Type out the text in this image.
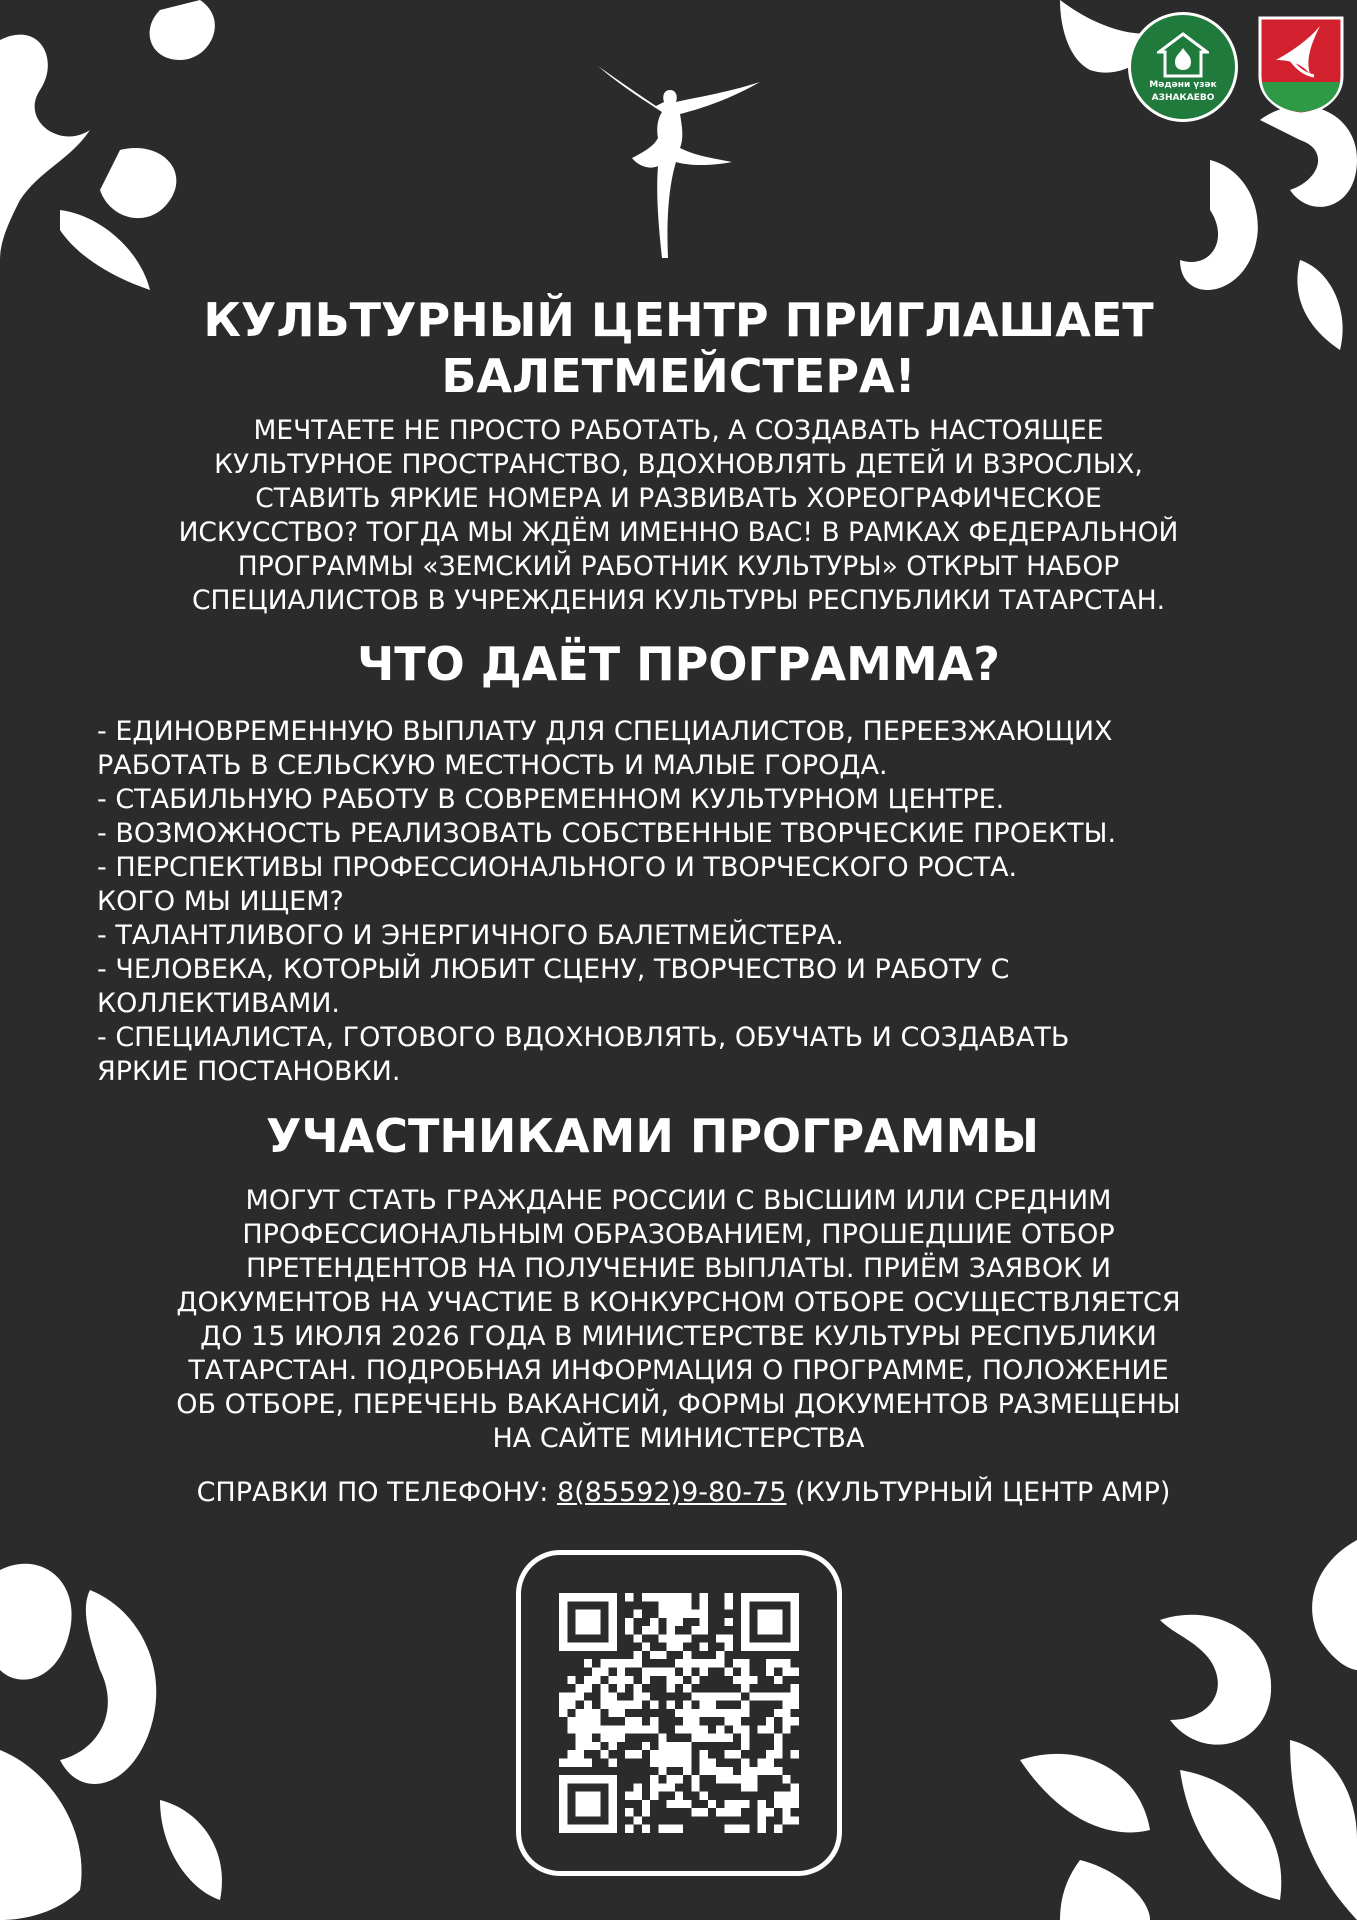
Мәдәни үзәк
АЗНАКАЕВО
КУЛЬТУРНЫЙ ЦЕНТР ПРИГЛАШАЕТ
БАЛЕТМЕЙСТЕРА!
МЕЧТАЕТЕ НЕ ПРОСТО РАБОТАТЬ, А СОЗДАВАТЬ НАСТОЯЩЕЕ
КУЛЬТУРНОЕ ПРОСТРАНСТВО, ВДОХНОВЛЯТЬ ДЕТЕЙ И ВЗРОСЛЫХ,
СТАВИТЬ ЯРКИЕ НОМЕРА И РАЗВИВАТЬ ХОРЕОГРАФИЧЕСКОЕ
ИСКУССТВО? ТОГДА МЫ ЖДЁМ ИМЕННО ВАС! В РАМКАХ ФЕДЕРАЛЬНОЙ
ПРОГРАММЫ «ЗЕМСКИЙ РАБОТНИК КУЛЬТУРЫ» ОТКРЫТ НАБОР
СПЕЦИАЛИСТОВ В УЧРЕЖДЕНИЯ КУЛЬТУРЫ РЕСПУБЛИКИ ТАТАРСТАН.
ЧТО ДАЁТ ПРОГРАММА?
- ЕДИНОВРЕМЕННУЮ ВЫПЛАТУ ДЛЯ СПЕЦИАЛИСТОВ, ПЕРЕЕЗЖАЮЩИХ
РАБОТАТЬ В СЕЛЬСКУЮ МЕСТНОСТЬ И МАЛЫЕ ГОРОДА.
- СТАБИЛЬНУЮ РАБОТУ В СОВРЕМЕННОМ КУЛЬТУРНОМ ЦЕНТРЕ.
- ВОЗМОЖНОСТЬ РЕАЛИЗОВАТЬ СОБСТВЕННЫЕ ТВОРЧЕСКИЕ ПРОЕКТЫ.
- ПЕРСПЕКТИВЫ ПРОФЕССИОНАЛЬНОГО И ТВОРЧЕСКОГО РОСТА.
КОГО МЫ ИЩЕМ?
- ТАЛАНТЛИВОГО И ЭНЕРГИЧНОГО БАЛЕТМЕЙСТЕРА.
- ЧЕЛОВЕКА, КОТОРЫЙ ЛЮБИТ СЦЕНУ, ТВОРЧЕСТВО И РАБОТУ С
КОЛЛЕКТИВАМИ.
- СПЕЦИАЛИСТА, ГОТОВОГО ВДОХНОВЛЯТЬ, ОБУЧАТЬ И СОЗДАВАТЬ
ЯРКИЕ ПОСТАНОВКИ.
УЧАСТНИКАМИ ПРОГРАММЫ
МОГУТ СТАТЬ ГРАЖДАНЕ РОССИИ С ВЫСШИМ ИЛИ СРЕДНИМ
ПРОФЕССИОНАЛЬНЫМ ОБРАЗОВАНИЕМ, ПРОШЕДШИЕ ОТБОР
ПРЕТЕНДЕНТОВ НА ПОЛУЧЕНИЕ ВЫПЛАТЫ. ПРИЁМ ЗАЯВОК И
ДОКУМЕНТОВ НА УЧАСТИЕ В КОНКУРСНОМ ОТБОРЕ ОСУЩЕСТВЛЯЕТСЯ
ДО 15 ИЮЛЯ 2026 ГОДА В МИНИСТЕРСТВЕ КУЛЬТУРЫ РЕСПУБЛИКИ
ТАТАРСТАН. ПОДРОБНАЯ ИНФОРМАЦИЯ О ПРОГРАММЕ, ПОЛОЖЕНИЕ
ОБ ОТБОРЕ, ПЕРЕЧЕНЬ ВАКАНСИЙ, ФОРМЫ ДОКУМЕНТОВ РАЗМЕЩЕНЫ
НА САЙТЕ МИНИСТЕРСТВА
СПРАВКИ ПО ТЕЛЕФОНУ: 8(85592)9-80-75 (КУЛЬТУРНЫЙ ЦЕНТР АМР)
